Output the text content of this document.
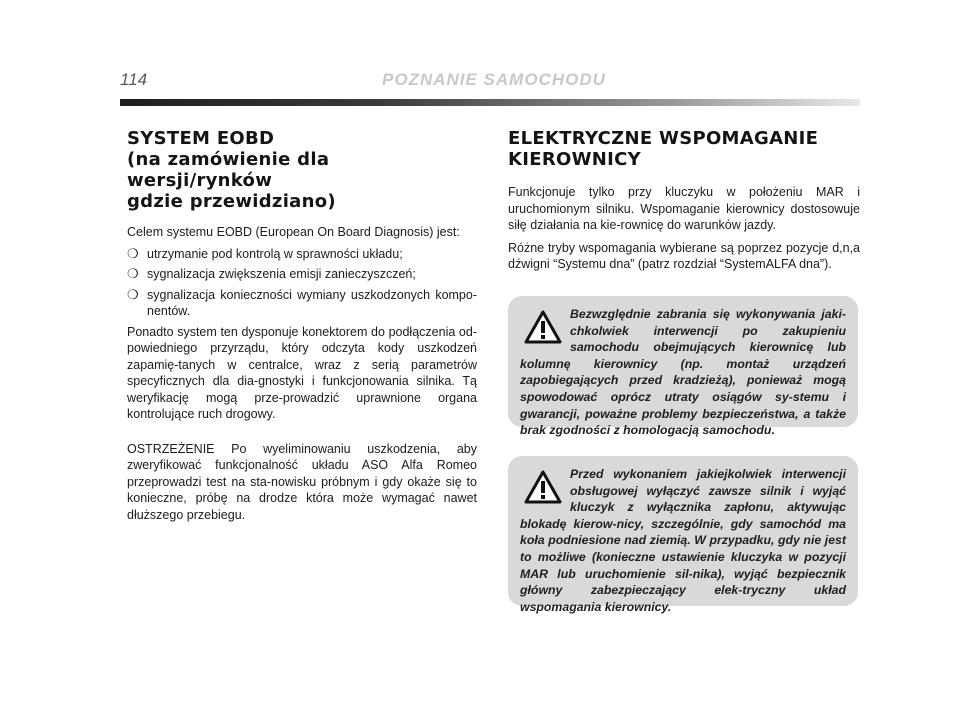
114	POZNANIE SAMOCHODU
SYSTEM EOBD
(na zamówienie dla wersji/rynków
gdzie przewidziano)

Celem systemu EOBD (European On Board Diagnosis) jest:

❍ utrzymanie pod kontrolą w sprawności układu;
❍ sygnalizacja zwiększenia emisji zanieczyszczeń;
❍ sygnalizacja konieczności wymiany uszkodzonych kompo-nentów.

Ponadto system ten dysponuje konektorem do podłączenia od-powiedniego przyrządu, który odczyta kody uszkodzeń zapamię-tanych w centralce, wraz z serią parametrów specyficznych dla dia-gnostyki i funkcjonowania silnika. Tą weryfikację mogą prze-prowadzić uprawnione organa kontrolujące ruch drogowy.

OSTRZEŻENIE Po wyeliminowaniu uszkodzenia, aby zweryfikować funkcjonalność układu ASO Alfa Romeo przeprowadzi test na sta-nowisku próbnym i gdy okaże się to konieczne, próbę na drodze która może wymagać nawet dłuższego przebiegu.

ELEKTRYCZNE WSPOMAGANIE
KIEROWNICY

Funkcjonuje tylko przy kluczyku w położeniu MAR i uruchomionym silniku. Wspomaganie kierownicy dostosowuje siłę działania na kie-rownicę do warunków jazdy.

Różne tryby wspomagania wybierane są poprzez pozycje d,n,a dźwigni “Systemu dna” (patrz rozdział “SystemALFA dna”).

Bezwzględnie zabrania się wykonywania jaki-chkolwiek interwencji po zakupieniu samochodu obejmujących kierownicę lub kolumnę kierownicy (np. montaż urządzeń zapobiegających przed kradzieżą), ponieważ mogą spowodować oprócz utraty osiągów sy-stemu i gwarancji, poważne problemy bezpieczeństwa, a także brak zgodności z homologacją samochodu.

Przed wykonaniem jakiejkolwiek interwencji obsługowej wyłączyć zawsze silnik i wyjąć kluczyk z wyłącznika zapłonu, aktywując blokadę kierow-nicy, szczególnie, gdy samochód ma koła podniesione nad ziemią. W przypadku, gdy nie jest to możliwe (konieczne ustawienie kluczyka w pozycji MAR lub uruchomienie sil-nika), wyjąć bezpiecznik główny zabezpieczający elek-tryczny układ wspomagania kierownicy.
